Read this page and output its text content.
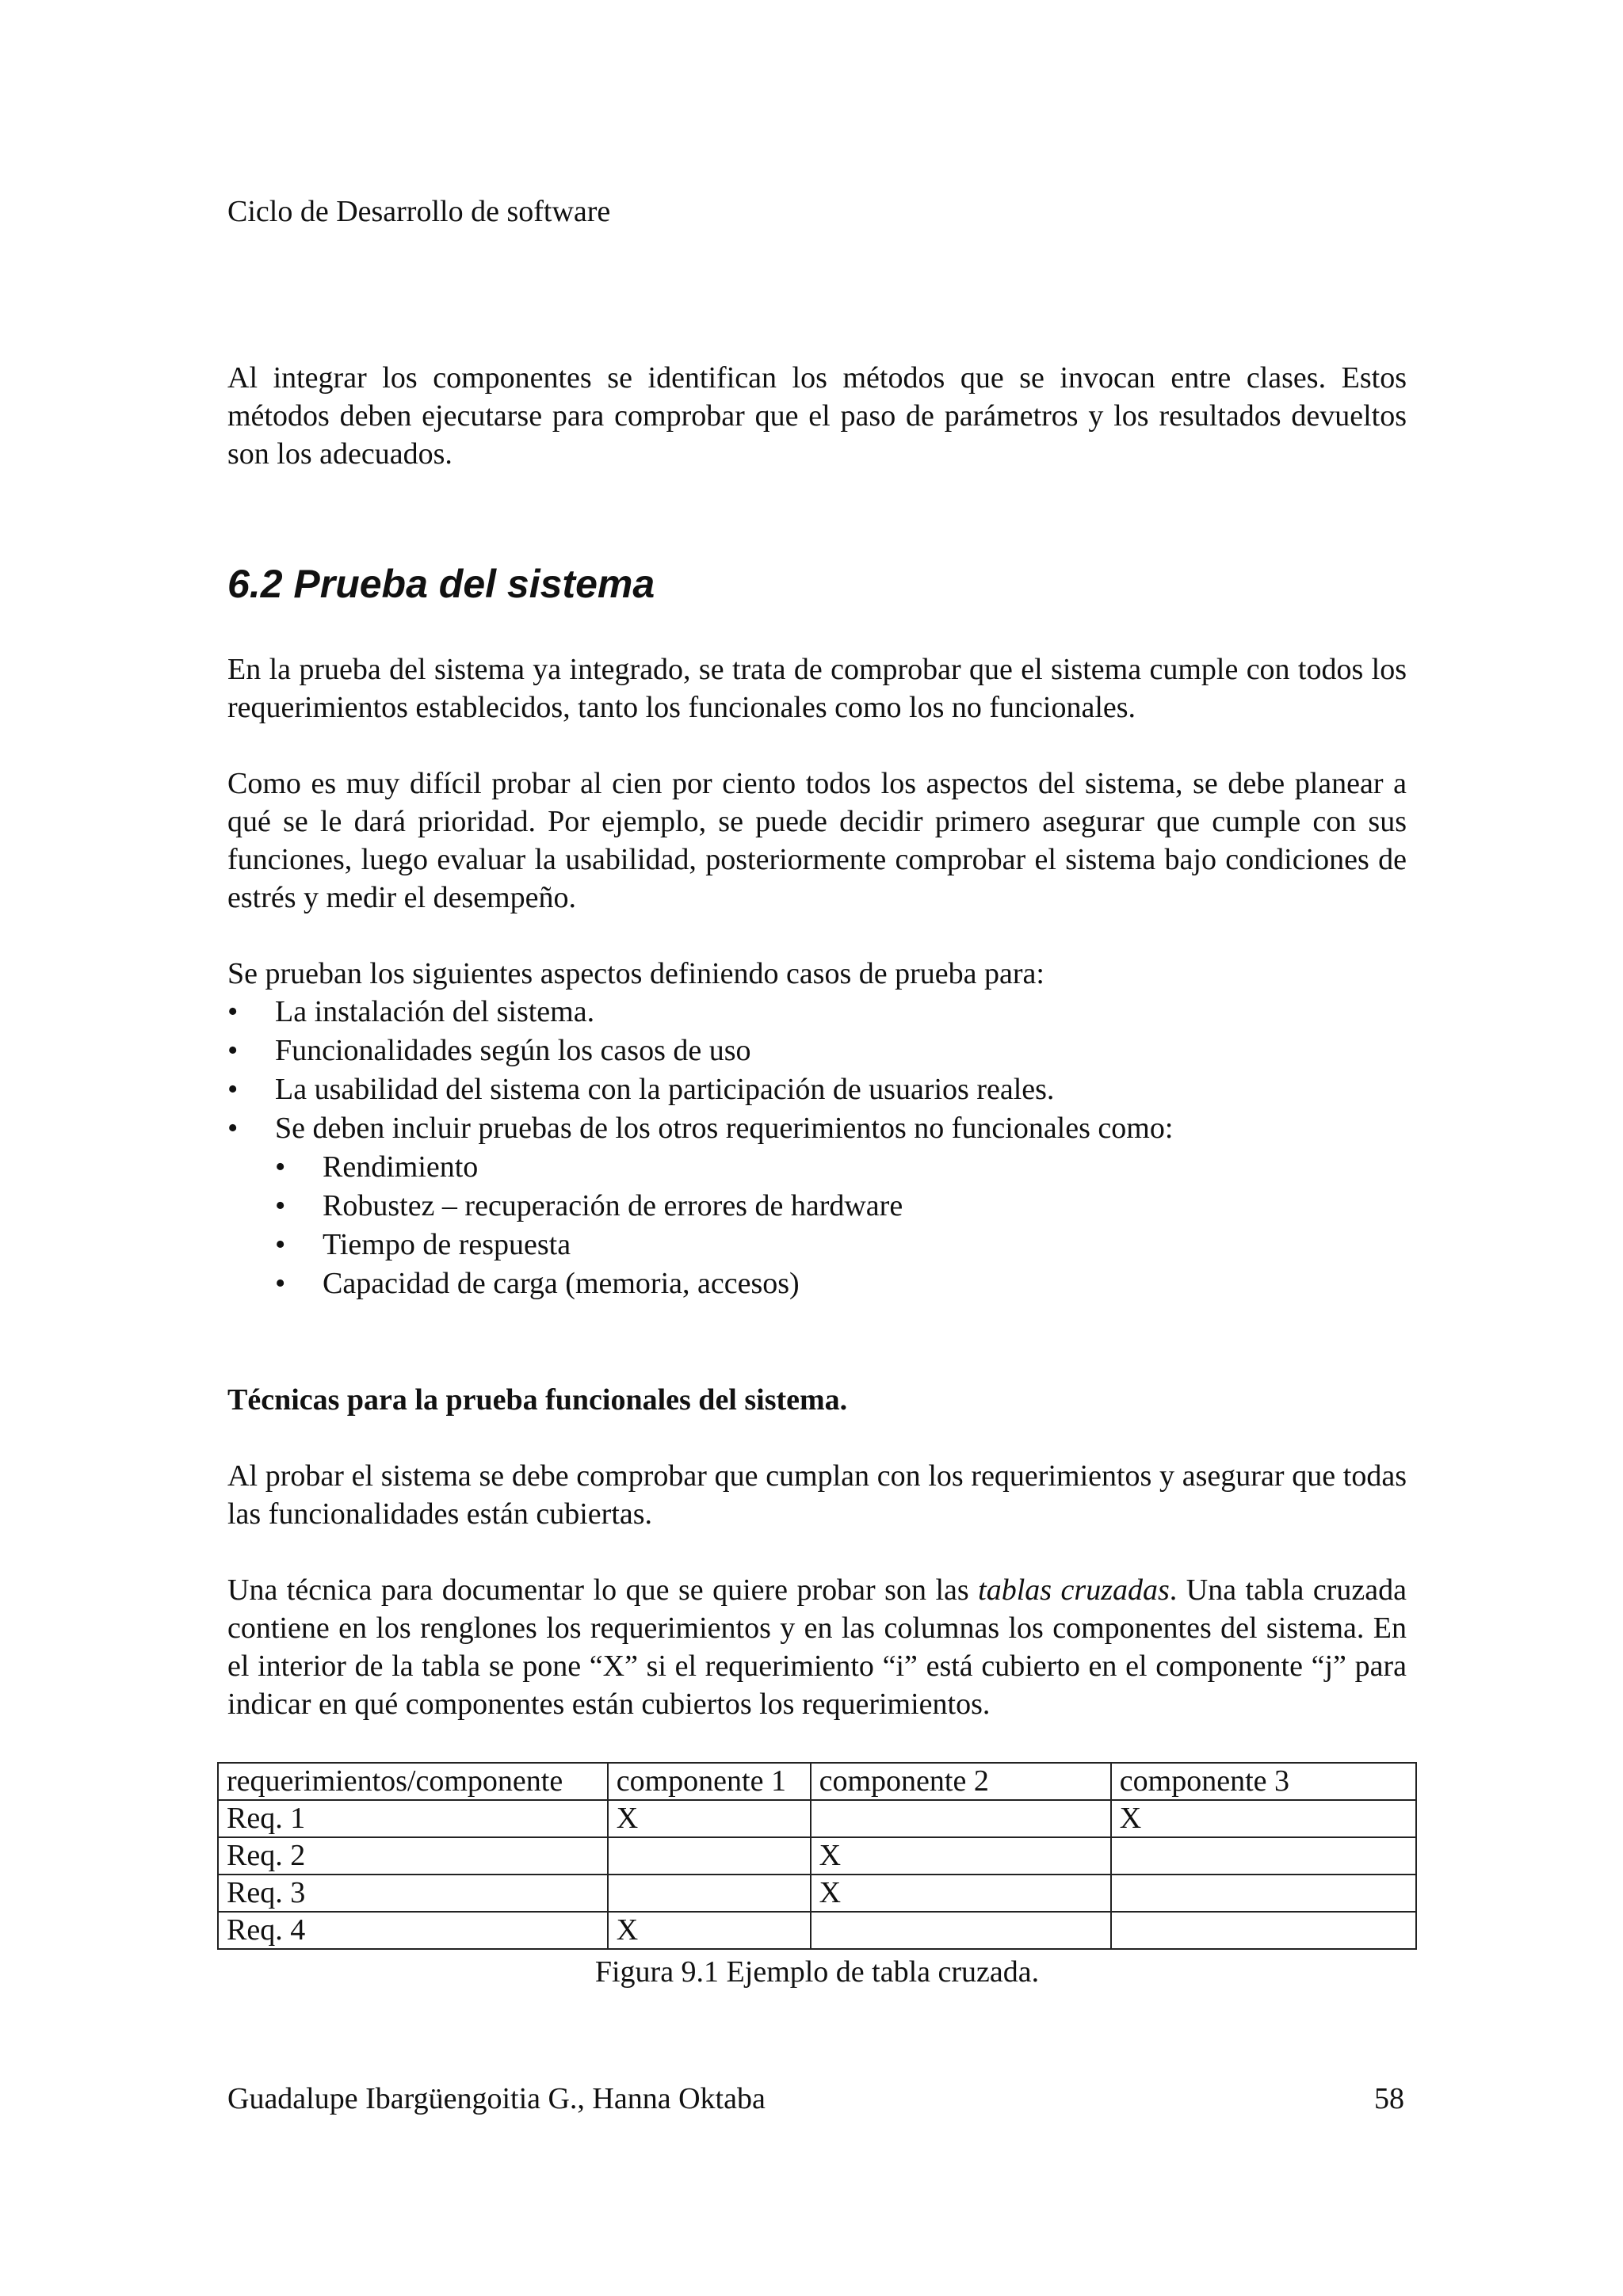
Ciclo de Desarrollo de software

Al integrar los componentes se identifican los métodos que se invocan entre clases. Estos métodos deben ejecutarse para comprobar que el paso de parámetros y los resultados devueltos son los adecuados.

6.2 Prueba del sistema

En la prueba del sistema ya integrado, se trata de comprobar que el sistema cumple con todos los requerimientos establecidos, tanto los funcionales como los no funcionales.

Como es muy difícil probar al cien por ciento todos los aspectos del sistema, se debe planear a qué se le dará prioridad. Por ejemplo, se puede decidir primero asegurar que cumple con sus funciones, luego evaluar la usabilidad, posteriormente comprobar el sistema bajo condiciones de estrés y medir el desempeño.

Se prueban los siguientes aspectos definiendo casos de prueba para:

• La instalación del sistema.
• Funcionalidades según los casos de uso
• La usabilidad del sistema con la participación de usuarios reales.
• Se deben incluir pruebas de los otros requerimientos no funcionales como:
• Rendimiento
• Robustez – recuperación de errores de hardware
• Tiempo de respuesta
• Capacidad de carga (memoria, accesos)

Técnicas para la prueba funcionales del sistema.

Al probar el sistema se debe comprobar que cumplan con los requerimientos y asegurar que todas las funcionalidades están cubiertas.

Una técnica para documentar lo que se quiere probar son las tablas cruzadas. Una tabla cruzada contiene en los renglones los requerimientos y en las columnas los componentes del sistema. En el interior de la tabla se pone “X” si el requerimiento “i” está cubierto en el componente “j” para indicar en qué componentes están cubiertos los requerimientos.

requerimientos/componente	componente 1	componente 2	componente 3
Req. 1	X		X
Req. 2		X	
Req. 3		X	
Req. 4	X		
Figura 9.1 Ejemplo de tabla cruzada.
Guadalupe Ibargüengoitia G., Hanna Oktaba	58
